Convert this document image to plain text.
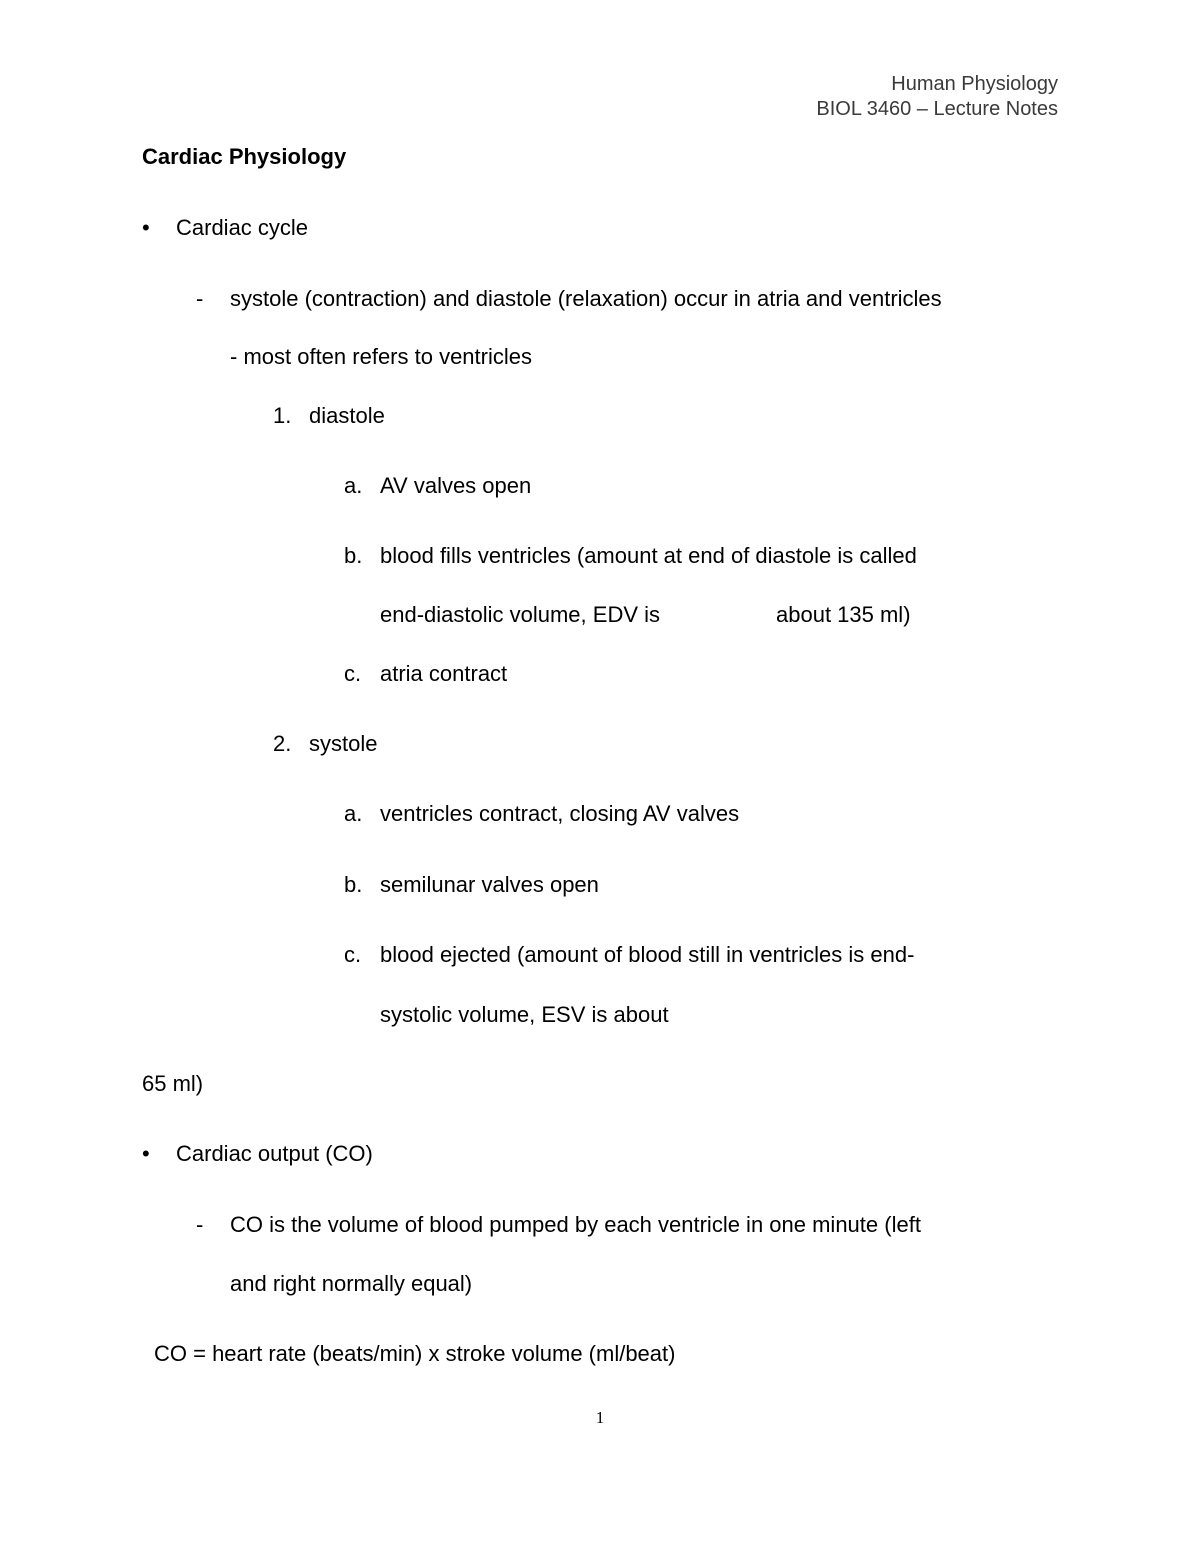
Human Physiology
BIOL 3460 – Lecture Notes
Cardiac Physiology
• Cardiac cycle
- systole (contraction) and diastole (relaxation) occur in atria and ventricles
- most often refers to ventricles
1. diastole
a. AV valves open
b. blood fills ventricles (amount at end of diastole is called
end-diastolic volume, EDV is	about 135 ml)
c. atria contract
2. systole
a. ventricles contract, closing AV valves
b. semilunar valves open
c. blood ejected (amount of blood still in ventricles is end-
systolic volume, ESV is about
65 ml)
• Cardiac output (CO)
- CO is the volume of blood pumped by each ventricle in one minute (left
and right normally equal)
CO = heart rate (beats/min) x stroke volume (ml/beat)
1
